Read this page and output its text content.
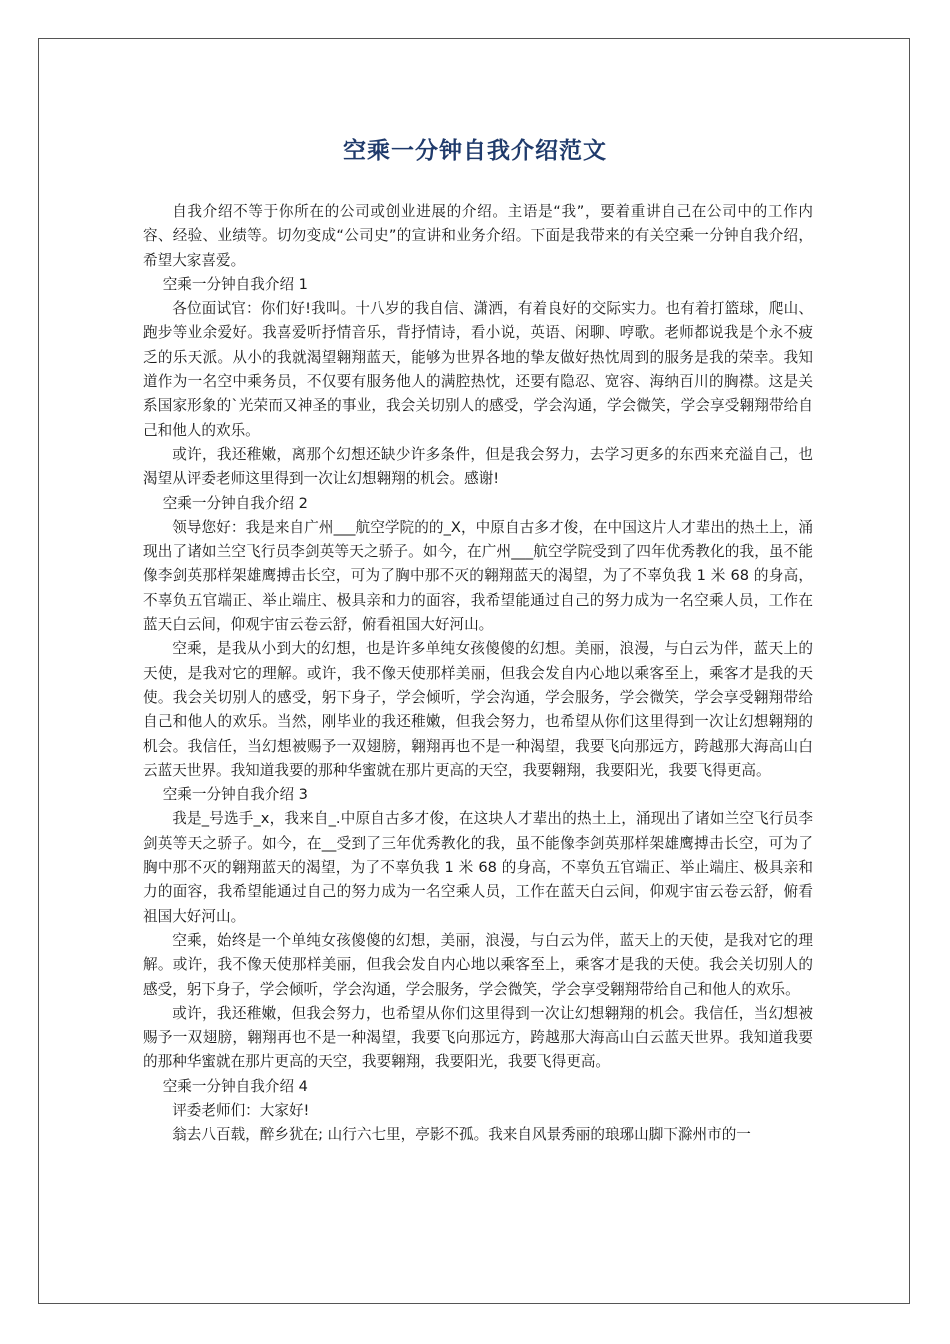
空乘一分钟自我介绍范文

自我介绍不等于你所在的公司或创业进展的介绍。主语是“我”，要着重讲自己在公司中的工作内容、经验、业绩等。切勿变成“公司史”的宣讲和业务介绍。下面是我带来的有关空乘一分钟自我介绍，希望大家喜爱。

空乘一分钟自我介绍 1

各位面试官：你们好!我叫。十八岁的我自信、潇洒，有着良好的交际实力。也有着打篮球，爬山、跑步等业余爱好。我喜爱听抒情音乐，背抒情诗，看小说，英语、闲聊、哼歌。老师都说我是个永不疲乏的乐天派。从小的我就渴望翱翔蓝天，能够为世界各地的挚友做好热忱周到的服务是我的荣幸。我知道作为一名空中乘务员，不仅要有服务他人的满腔热忱，还要有隐忍、宽容、海纳百川的胸襟。这是关系国家形象的`光荣而又神圣的事业，我会关切别人的感受，学会沟通，学会微笑，学会享受翱翔带给自己和他人的欢乐。

或许，我还稚嫩，离那个幻想还缺少许多条件，但是我会努力，去学习更多的东西来充溢自己，也渴望从评委老师这里得到一次让幻想翱翔的机会。感谢!

空乘一分钟自我介绍 2

领导您好：我是来自广州___航空学院的的_X，中原自古多才俊，在中国这片人才辈出的热土上，涌现出了诸如兰空飞行员李剑英等天之骄子。如今，在广州___航空学院受到了四年优秀教化的我，虽不能像李剑英那样架雄鹰搏击长空，可为了胸中那不灭的翱翔蓝天的渴望，为了不辜负我 1 米 68 的身高，不辜负五官端正、举止端庄、极具亲和力的面容，我希望能通过自己的努力成为一名空乘人员，工作在蓝天白云间，仰观宇宙云卷云舒，俯看祖国大好河山。

空乘，是我从小到大的幻想，也是许多单纯女孩傻傻的幻想。美丽，浪漫，与白云为伴，蓝天上的天使，是我对它的理解。或许，我不像天使那样美丽，但我会发自内心地以乘客至上，乘客才是我的天使。我会关切别人的感受，躬下身子，学会倾听，学会沟通，学会服务，学会微笑，学会享受翱翔带给自己和他人的欢乐。当然，刚毕业的我还稚嫩，但我会努力，也希望从你们这里得到一次让幻想翱翔的机会。我信任，当幻想被赐予一双翅膀，翱翔再也不是一种渴望，我要飞向那远方，跨越那大海高山白云蓝天世界。我知道我要的那种华蜜就在那片更高的天空，我要翱翔，我要阳光，我要飞得更高。

空乘一分钟自我介绍 3

我是_号选手_x，我来自_.中原自古多才俊，在这块人才辈出的热土上，涌现出了诸如兰空飞行员李剑英等天之骄子。如今，在__受到了三年优秀教化的我，虽不能像李剑英那样架雄鹰搏击长空，可为了胸中那不灭的翱翔蓝天的渴望，为了不辜负我 1 米 68 的身高，不辜负五官端正、举止端庄、极具亲和力的面容，我希望能通过自己的努力成为一名空乘人员，工作在蓝天白云间，仰观宇宙云卷云舒，俯看祖国大好河山。

空乘，始终是一个单纯女孩傻傻的幻想，美丽，浪漫，与白云为伴，蓝天上的天使，是我对它的理解。或许，我不像天使那样美丽，但我会发自内心地以乘客至上，乘客才是我的天使。我会关切别人的感受，躬下身子，学会倾听，学会沟通，学会服务，学会微笑，学会享受翱翔带给自己和他人的欢乐。

或许，我还稚嫩，但我会努力，也希望从你们这里得到一次让幻想翱翔的机会。我信任，当幻想被赐予一双翅膀，翱翔再也不是一种渴望，我要飞向那远方，跨越那大海高山白云蓝天世界。我知道我要的那种华蜜就在那片更高的天空，我要翱翔，我要阳光，我要飞得更高。

空乘一分钟自我介绍 4

评委老师们：大家好!

翁去八百载，醉乡犹在; 山行六七里，亭影不孤。我来自风景秀丽的琅琊山脚下滁州市的一
